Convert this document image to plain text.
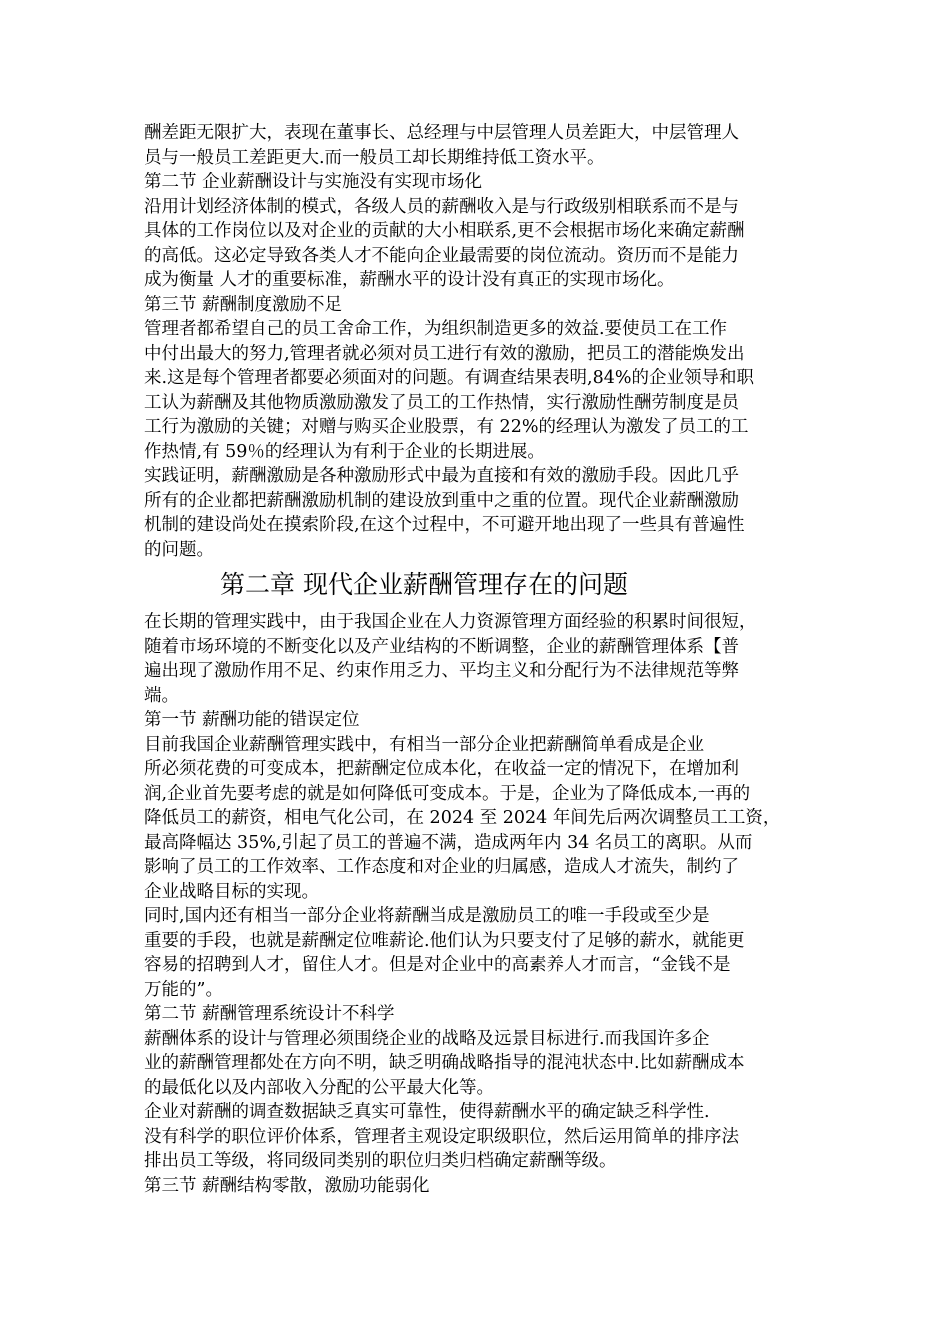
酬差距无限扩大，表现在董事长、总经理与中层管理人员差距大，中层管理人
员与一般员工差距更大.而一般员工却长期维持低工资水平。
第二节 企业薪酬设计与实施没有实现市场化
沿用计划经济体制的模式，各级人员的薪酬收入是与行政级别相联系而不是与
具体的工作岗位以及对企业的贡献的大小相联系,更不会根据市场化来确定薪酬
的高低。这必定导致各类人才不能向企业最需要的岗位流动。资历而不是能力
成为衡量 人才的重要标准，薪酬水平的设计没有真正的实现市场化。
第三节 薪酬制度激励不足
管理者都希望自己的员工舍命工作，为组织制造更多的效益.要使员工在工作
中付出最大的努力,管理者就必须对员工进行有效的激励，把员工的潜能焕发出
来.这是每个管理者都要必须面对的问题。有调查结果表明,84%的企业领导和职
工认为薪酬及其他物质激励激发了员工的工作热情，实行激励性酬劳制度是员
工行为激励的关键；对赠与购买企业股票，有 22%的经理认为激发了员工的工
作热情,有 59％的经理认为有利于企业的长期进展。
实践证明，薪酬激励是各种激励形式中最为直接和有效的激励手段。因此几乎
所有的企业都把薪酬激励机制的建设放到重中之重的位置。现代企业薪酬激励
机制的建设尚处在摸索阶段,在这个过程中，不可避开地出现了一些具有普遍性
的问题。
第二章 现代企业薪酬管理存在的问题
在长期的管理实践中，由于我国企业在人力资源管理方面经验的积累时间很短，
随着市场环境的不断变化以及产业结构的不断调整，企业的薪酬管理体系【普
遍出现了激励作用不足、约束作用乏力、平均主义和分配行为不法律规范等弊
端。
第一节 薪酬功能的错误定位
目前我国企业薪酬管理实践中，有相当一部分企业把薪酬简单看成是企业
所必须花费的可变成本，把薪酬定位成本化，在收益一定的情况下，在增加利
润,企业首先要考虑的就是如何降低可变成本。于是，企业为了降低成本,一再的
降低员工的薪资，相电气化公司，在 2024 至 2024 年间先后两次调整员工工资，
最高降幅达 35%,引起了员工的普遍不满，造成两年内 34 名员工的离职。从而
影响了员工的工作效率、工作态度和对企业的归属感，造成人才流失，制约了
企业战略目标的实现。
同时,国内还有相当一部分企业将薪酬当成是激励员工的唯一手段或至少是
重要的手段，也就是薪酬定位唯薪论.他们认为只要支付了足够的薪水，就能更
容易的招聘到人才，留住人才。但是对企业中的高素养人才而言，“金钱不是
万能的”。
第二节 薪酬管理系统设计不科学
薪酬体系的设计与管理必须围绕企业的战略及远景目标进行.而我国许多企
业的薪酬管理都处在方向不明，缺乏明确战略指导的混沌状态中.比如薪酬成本
的最低化以及内部收入分配的公平最大化等。
企业对薪酬的调查数据缺乏真实可靠性，使得薪酬水平的确定缺乏科学性.
没有科学的职位评价体系，管理者主观设定职级职位，然后运用简单的排序法
排出员工等级，将同级同类别的职位归类归档确定薪酬等级。
第三节 薪酬结构零散，激励功能弱化
